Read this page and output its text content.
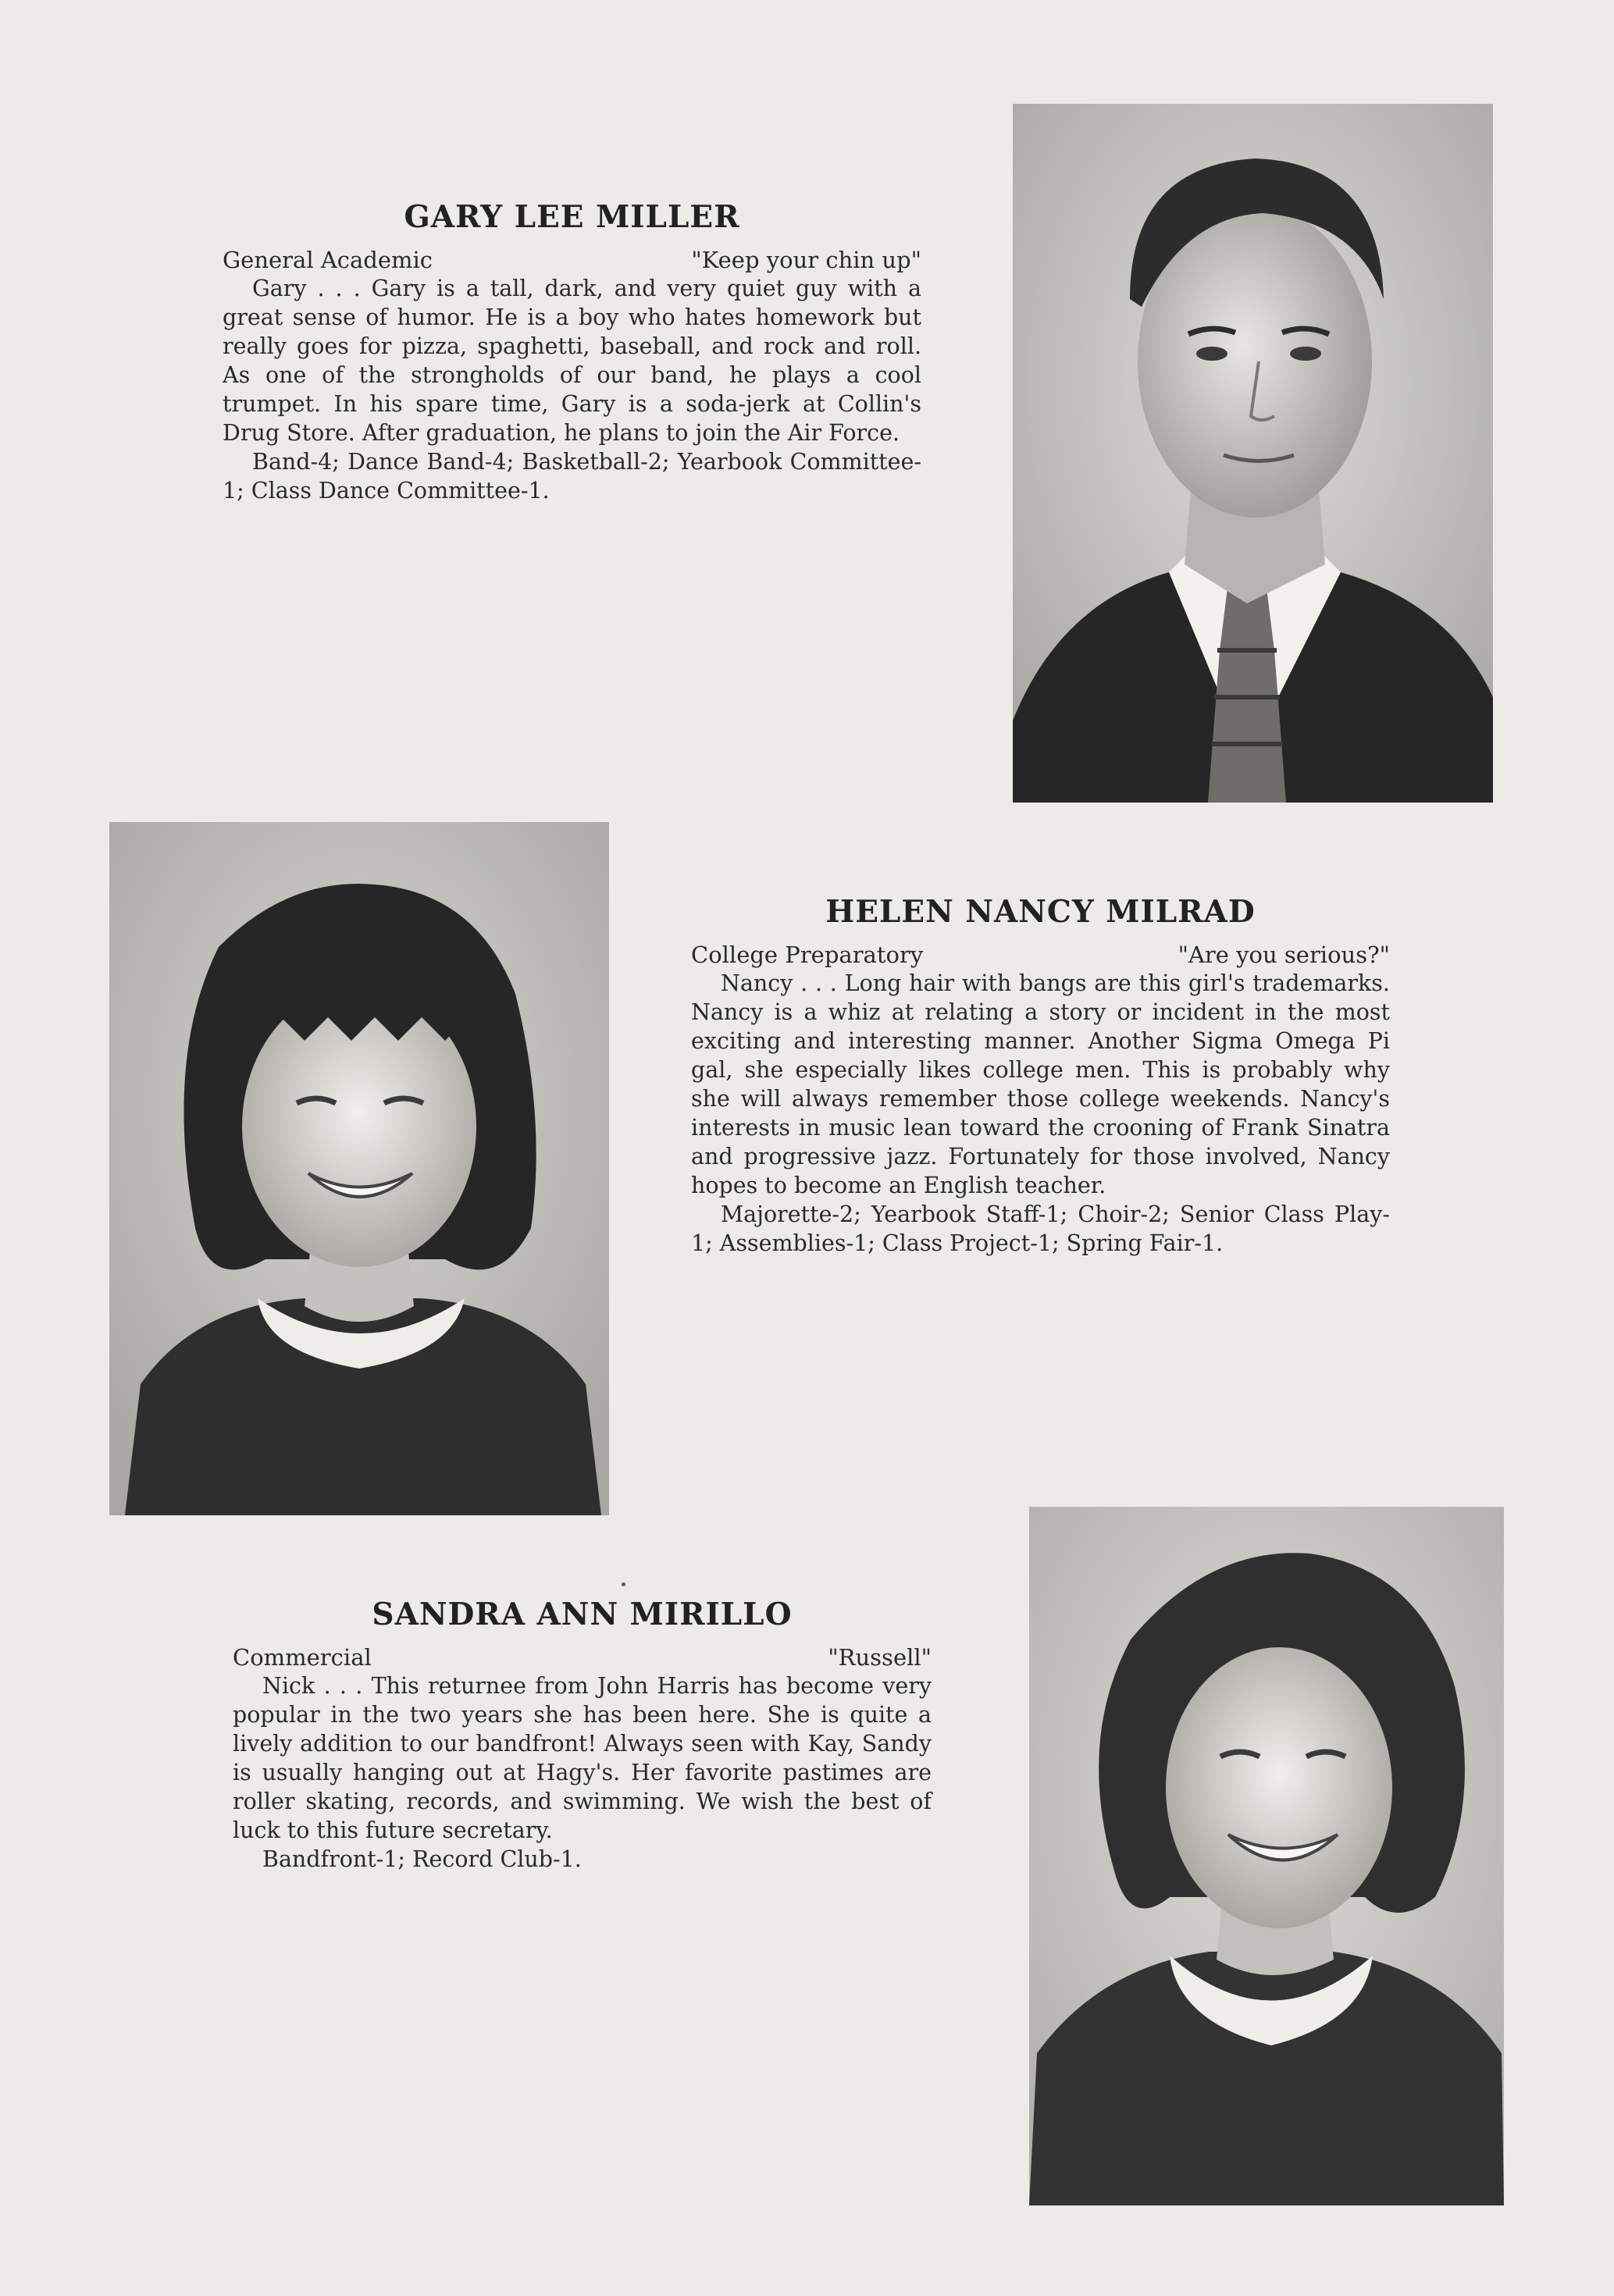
GARY LEE MILLER
General Academic	"Keep your chin up"

Gary . . . Gary is a tall, dark, and very quiet guy with a great sense of humor. He is a boy who hates homework but really goes for pizza, spaghetti, baseball, and rock and roll. As one of the strongholds of our band, he plays a cool trumpet. In his spare time, Gary is a soda-jerk at Collin's Drug Store. After graduation, he plans to join the Air Force.

Band-4; Dance Band-4; Basketball-2; Yearbook Committee-1; Class Dance Committee-1.

HELEN NANCY MILRAD
College Preparatory	"Are you serious?"

Nancy . . . Long hair with bangs are this girl's trademarks. Nancy is a whiz at relating a story or incident in the most exciting and interesting manner. Another Sigma Omega Pi gal, she especially likes college men. This is probably why she will always remember those college weekends. Nancy's interests in music lean toward the crooning of Frank Sinatra and progressive jazz. Fortunately for those involved, Nancy hopes to become an English teacher.

Majorette-2; Yearbook Staff-1; Choir-2; Senior Class Play-1; Assemblies-1; Class Project-1; Spring Fair-1.

SANDRA ANN MIRILLO
Commercial	"Russell"

Nick . . . This returnee from John Harris has become very popular in the two years she has been here. She is quite a lively addition to our bandfront! Always seen with Kay, Sandy is usually hanging out at Hagy's. Her favorite pastimes are roller skating, records, and swimming. We wish the best of luck to this future secretary.

Bandfront-1; Record Club-1.
